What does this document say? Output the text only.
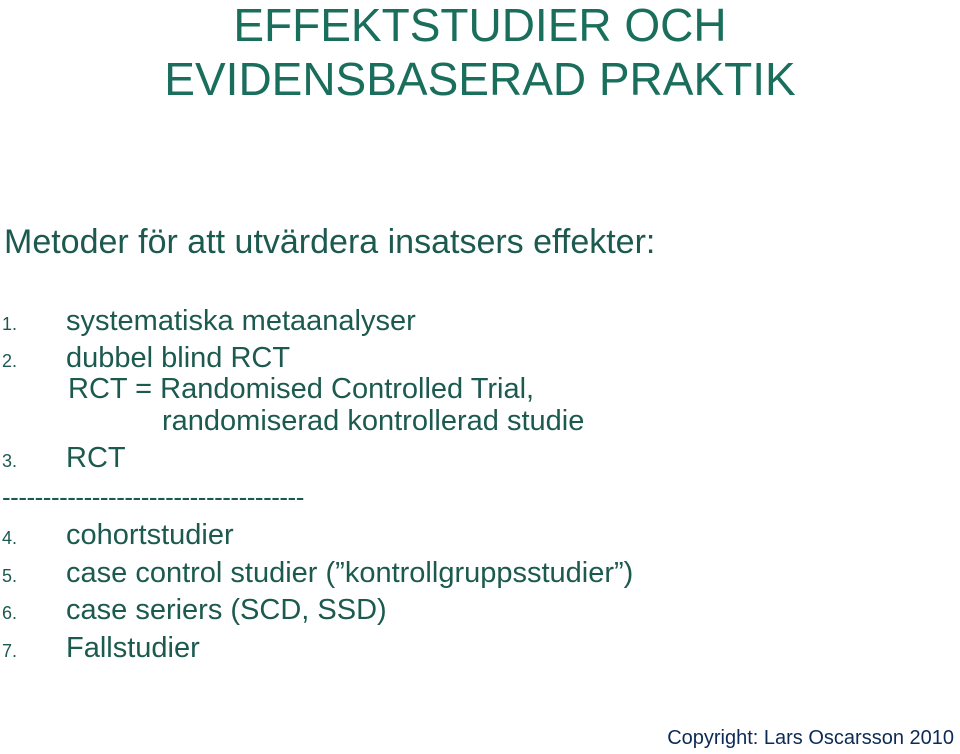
EFFEKTSTUDIER OCH
EVIDENSBASERAD PRAKTIK
Metoder för att utvärdera insatsers effekter:
1. systematiska metaanalyser
2. dubbel blind RCT
RCT = Randomised Controlled Trial,
randomiserad kontrollerad studie
3. RCT
-------------------------------------
4. cohortstudier
5. case control studier (”kontrollgruppsstudier”)
6. case seriers (SCD, SSD)
7. Fallstudier
Copyright: Lars Oscarsson 2010
